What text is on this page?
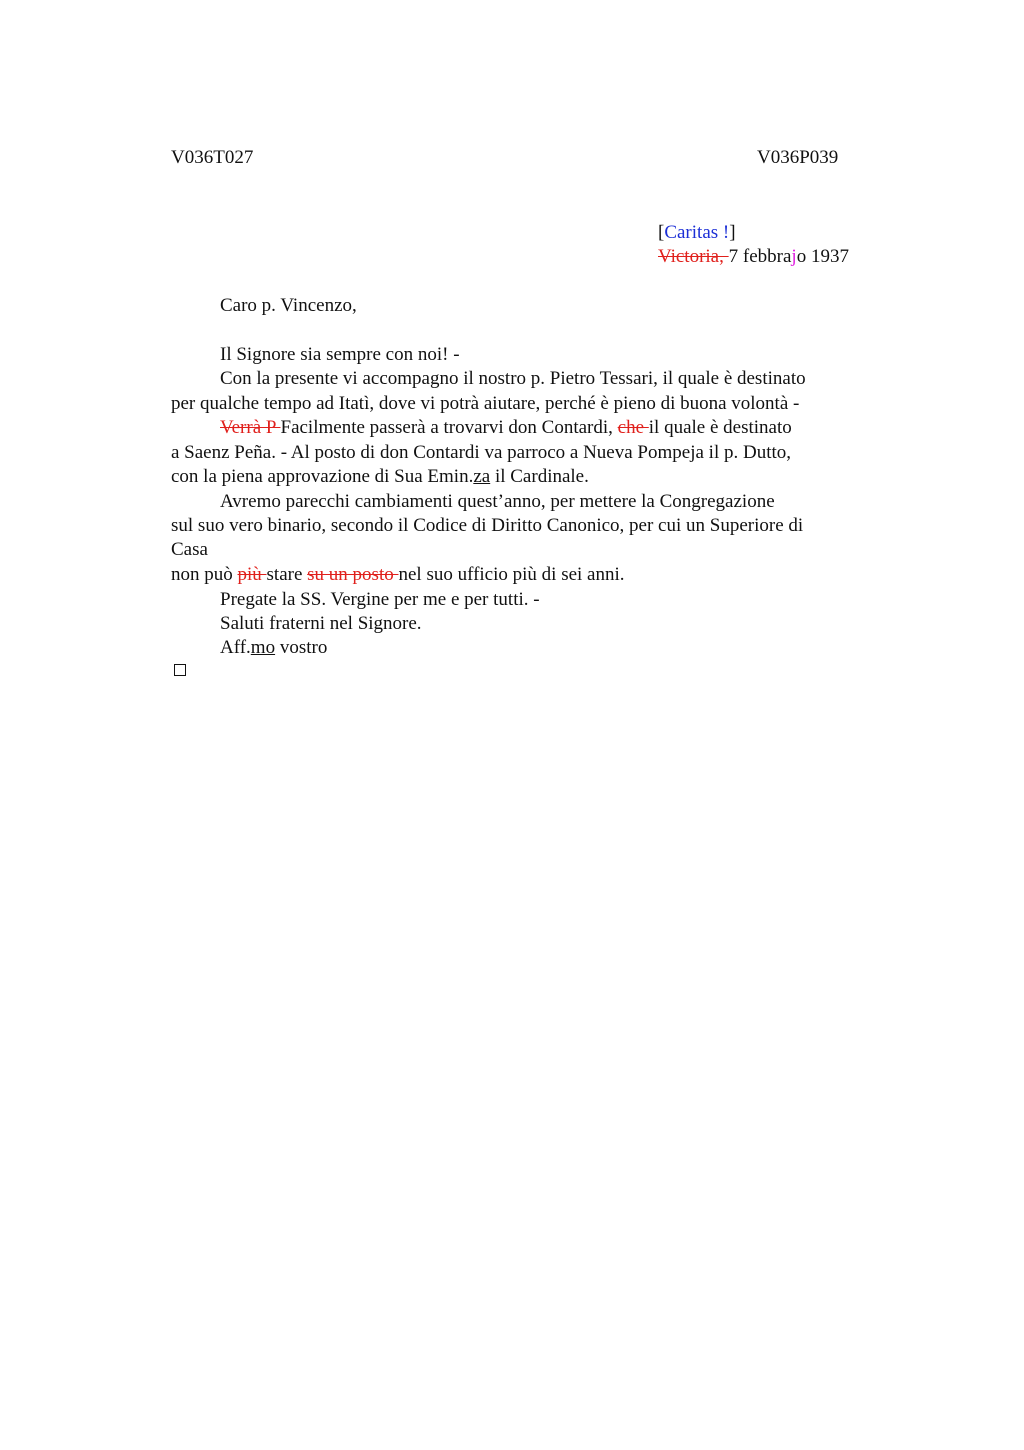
V036T027	V036P039
[Caritas !]
Victoria, 7 febbrajo 1937
Caro p. Vincenzo,
Il Signore sia sempre con noi! -
Con la presente vi accompagno il nostro p. Pietro Tessari, il quale è destinato
per qualche tempo ad Itatì, dove vi potrà aiutare, perché è pieno di buona volontà -
Verrà P Facilmente passerà a trovarvi don Contardi, che il quale è destinato
a Saenz Peña. - Al posto di don Contardi va parroco a Nueva Pompeja il p. Dutto,
con la piena approvazione di Sua Emin.za il Cardinale.
Avremo parecchi cambiamenti quest’anno, per mettere la Congregazione
sul suo vero binario, secondo il Codice di Diritto Canonico, per cui un Superiore di
Casa
non può più stare su un posto nel suo ufficio più di sei anni.
Pregate la SS. Vergine per me e per tutti. -
Saluti fraterni nel Signore.
Aff.mo vostro
